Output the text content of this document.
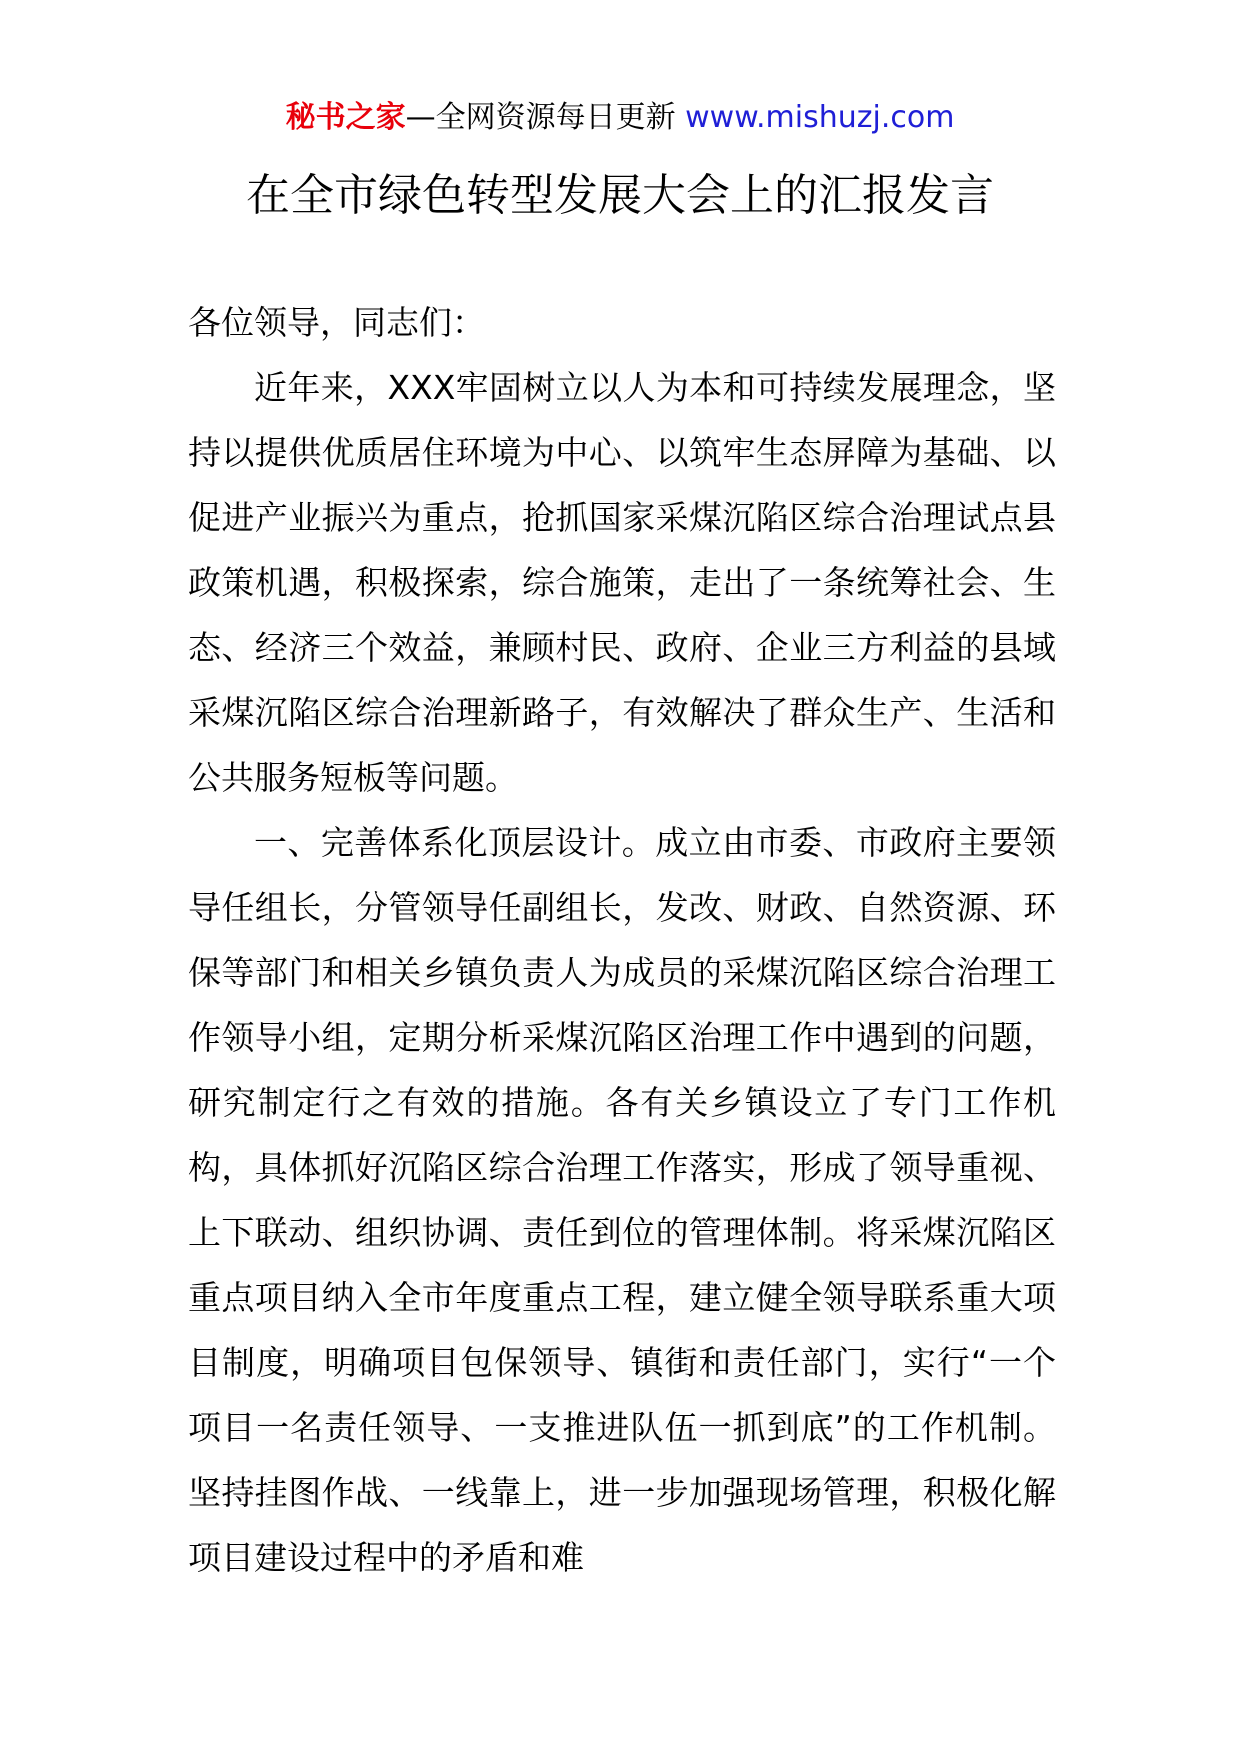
秘书之家—全网资源每日更新 www.mishuzj.com
在全市绿色转型发展大会上的汇报发言

各位领导，同志们：

近年来，XXX牢固树立以人为本和可持续发展理念，坚持以提供优质居住环境为中心、以筑牢生态屏障为基础、以促进产业振兴为重点，抢抓国家采煤沉陷区综合治理试点县政策机遇，积极探索，综合施策，走出了一条统筹社会、生态、经济三个效益，兼顾村民、政府、企业三方利益的县域采煤沉陷区综合治理新路子，有效解决了群众生产、生活和公共服务短板等问题。

一、完善体系化顶层设计。成立由市委、市政府主要领导任组长，分管领导任副组长，发改、财政、自然资源、环保等部门和相关乡镇负责人为成员的采煤沉陷区综合治理工作领导小组，定期分析采煤沉陷区治理工作中遇到的问题，研究制定行之有效的措施。各有关乡镇设立了专门工作机构，具体抓好沉陷区综合治理工作落实，形成了领导重视、上下联动、组织协调、责任到位的管理体制。将采煤沉陷区重点项目纳入全市年度重点工程，建立健全领导联系重大项目制度，明确项目包保领导、镇街和责任部门，实行“一个项目一名责任领导、一支推进队伍一抓到底”的工作机制。坚持挂图作战、一线靠上，进一步加强现场管理，积极化解项目建设过程中的矛盾和难
